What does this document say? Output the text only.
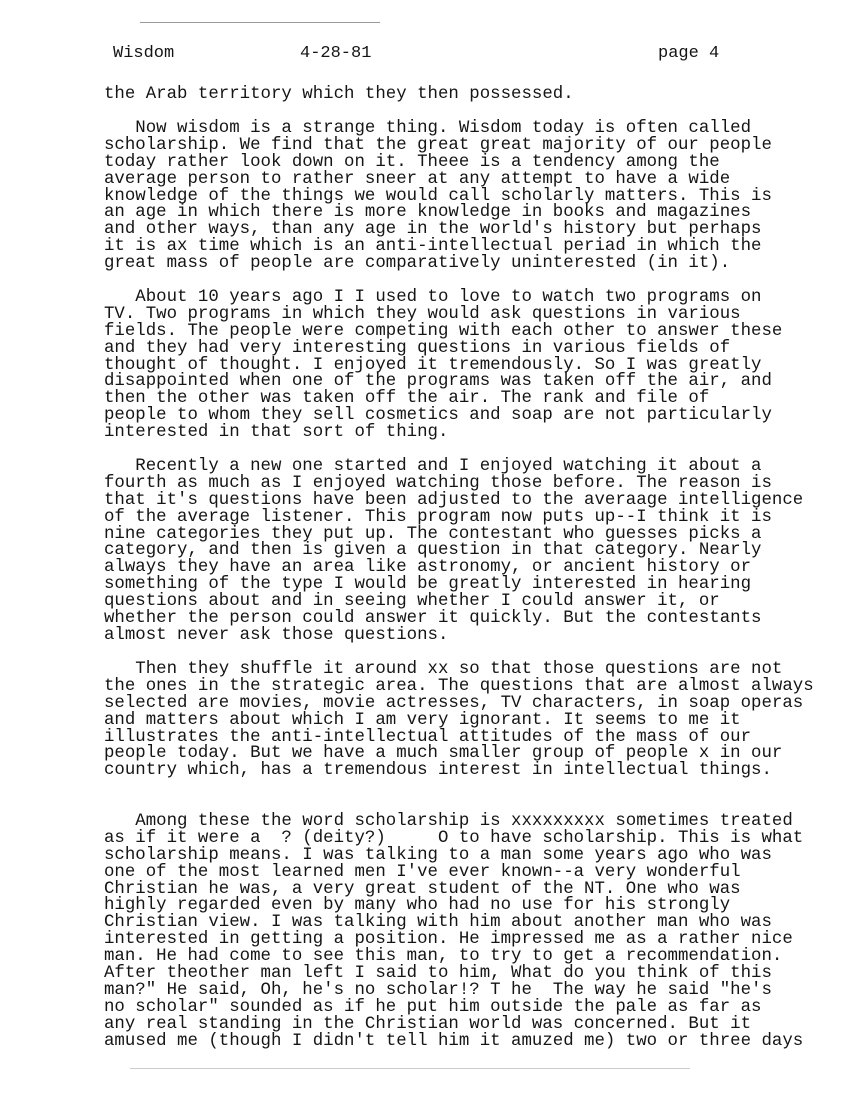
Wisdom	4-28-81	page 4
the Arab territory which they then possessed.
Now wisdom is a strange thing. Wisdom today is often called
scholarship. We find that the great great majority of our people
today rather look down on it. Theee is a tendency among the
average person to rather sneer at any attempt to have a wide
knowledge of the things we would call scholarly matters. This is
an age in which there is more knowledge in books and magazines
and other ways, than any age in the world's history but perhaps
it is ax time which is an anti-intellectual periad in which the
great mass of people are comparatively uninterested (in it).
About 10 years ago I I used to love to watch two programs on
TV. Two programs in which they would ask questions in various
fields. The people were competing with each other to answer these
and they had very interesting questions in various fields of
thought of thought. I enjoyed it tremendously. So I was greatly
disappointed when one of the programs was taken off the air, and
then the other was taken off the air. The rank and file of
people to whom they sell cosmetics and soap are not particularly
interested in that sort of thing.
Recently a new one started and I enjoyed watching it about a
fourth as much as I enjoyed watching those before. The reason is
that it's questions have been adjusted to the averaage intelligence
of the average listener. This program now puts up--I think it is
nine categories they put up. The contestant who guesses picks a
category, and then is given a question in that category. Nearly
always they have an area like astronomy, or ancient history or
something of the type I would be greatly interested in hearing
questions about and in seeing whether I could answer it, or
whether the person could answer it quickly. But the contestants
almost never ask those questions.
Then they shuffle it around xx so that those questions are not
the ones in the strategic area. The questions that are almost always
selected are movies, movie actresses, TV characters, in soap operas
and matters about which I am very ignorant. It seems to me it
illustrates the anti-intellectual attitudes of the mass of our
people today. But we have a much smaller group of people x in our
country which, has a tremendous interest in intellectual things.
Among these the word scholarship is xxxxxxxxx sometimes treated
as if it were a  ? (deity?)     O to have scholarship. This is what
scholarship means. I was talking to a man some years ago who was
one of the most learned men I've ever known--a very wonderful
Christian he was, a very great student of the NT. One who was
highly regarded even by many who had no use for his strongly
Christian view. I was talking with him about another man who was
interested in getting a position. He impressed me as a rather nice
man. He had come to see this man, to try to get a recommendation.
After theother man left I said to him, What do you think of this
man?" He said, Oh, he's no scholar!? T he  The way he said "he's
no scholar" sounded as if he put him outside the pale as far as
any real standing in the Christian world was concerned. But it
amused me (though I didn't tell him it amuzed me) two or three days
